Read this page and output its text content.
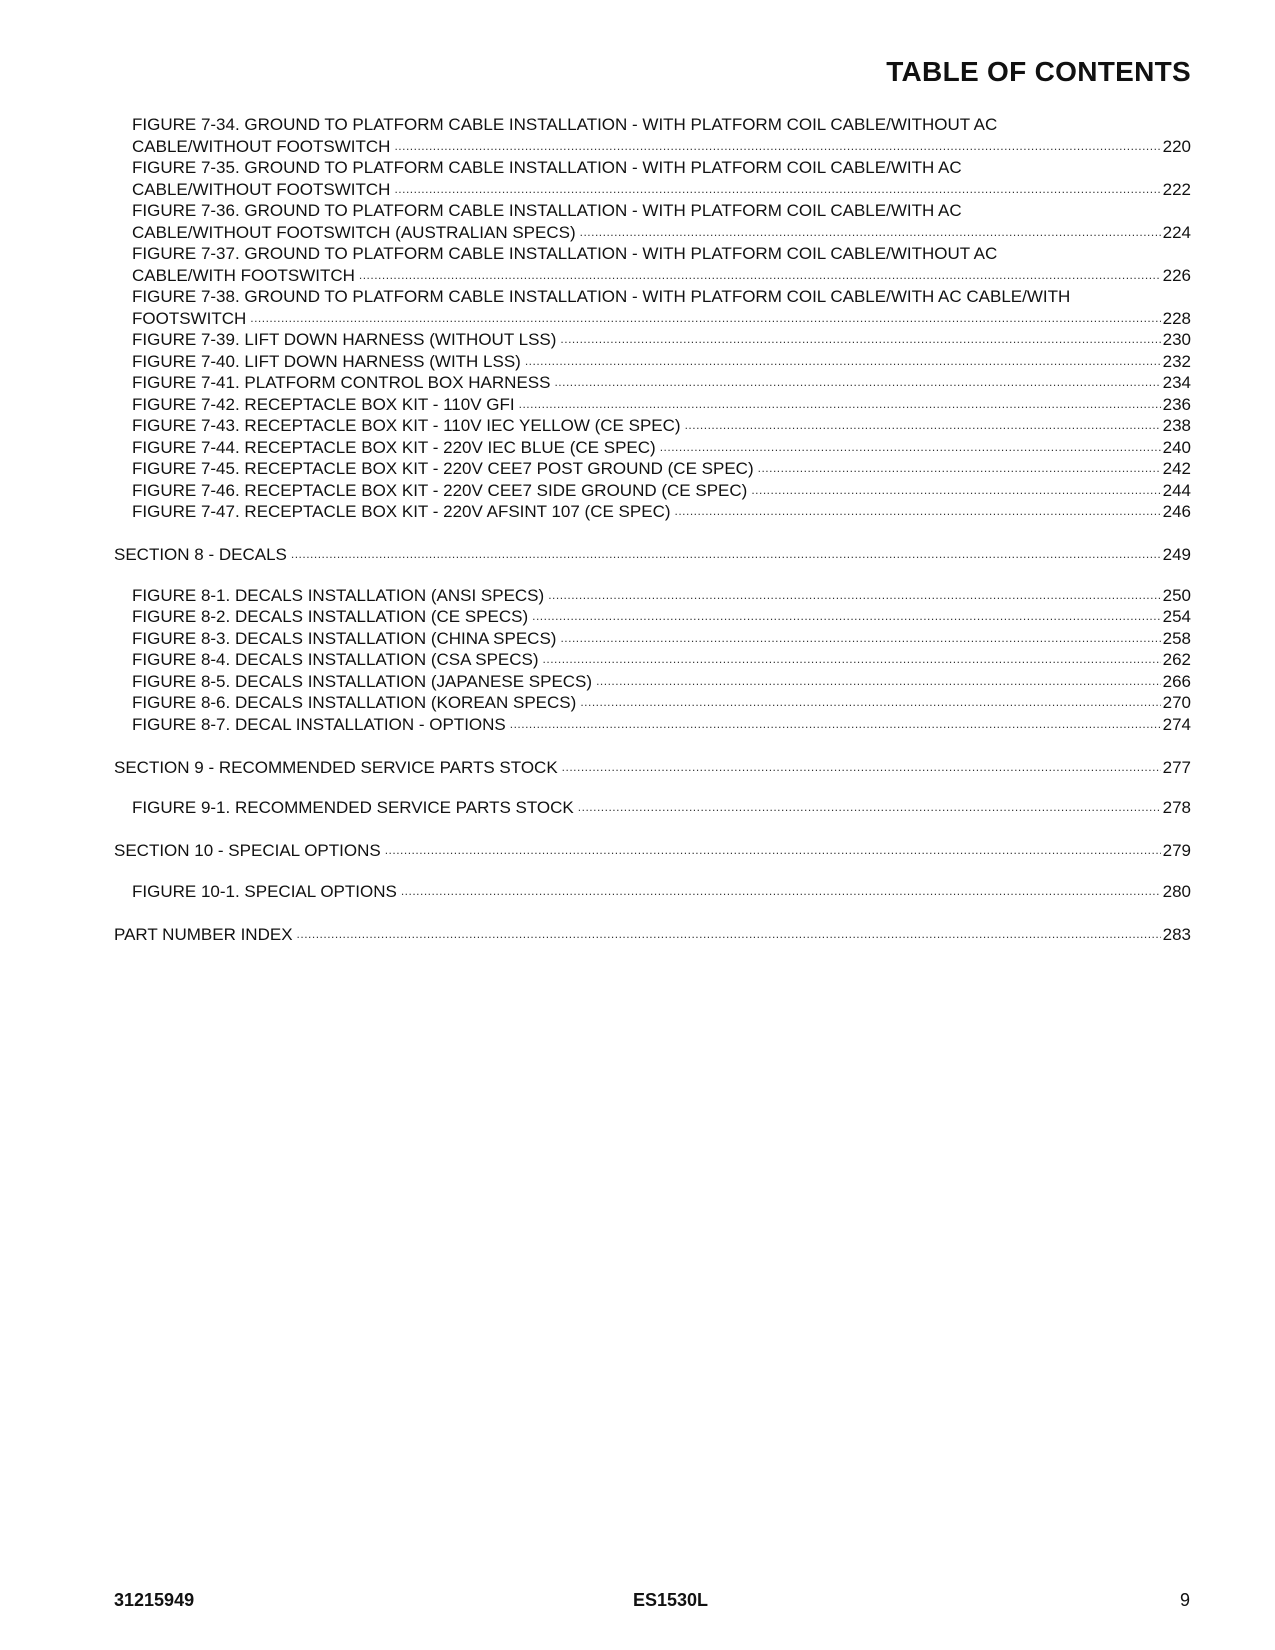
TABLE OF CONTENTS
FIGURE 7-34. GROUND TO PLATFORM CABLE INSTALLATION - WITH PLATFORM COIL CABLE/WITHOUT AC
CABLE/WITHOUT FOOTSWITCH .....	220
FIGURE 7-35. GROUND TO PLATFORM CABLE INSTALLATION - WITH PLATFORM COIL CABLE/WITH AC
CABLE/WITHOUT FOOTSWITCH .....	222
FIGURE 7-36. GROUND TO PLATFORM CABLE INSTALLATION - WITH PLATFORM COIL CABLE/WITH AC
CABLE/WITHOUT FOOTSWITCH (AUSTRALIAN SPECS) .....	224
FIGURE 7-37. GROUND TO PLATFORM CABLE INSTALLATION - WITH PLATFORM COIL CABLE/WITHOUT AC
CABLE/WITH FOOTSWITCH .....	226
FIGURE 7-38. GROUND TO PLATFORM CABLE INSTALLATION - WITH PLATFORM COIL CABLE/WITH AC CABLE/WITH
FOOTSWITCH .....	228
FIGURE 7-39. LIFT DOWN HARNESS (WITHOUT LSS) .....	230
FIGURE 7-40. LIFT DOWN HARNESS (WITH LSS) .....	232
FIGURE 7-41. PLATFORM CONTROL BOX HARNESS .....	234
FIGURE 7-42. RECEPTACLE BOX KIT - 110V GFI .....	236
FIGURE 7-43. RECEPTACLE BOX KIT - 110V IEC YELLOW (CE SPEC) .....	238
FIGURE 7-44. RECEPTACLE BOX KIT - 220V IEC BLUE (CE SPEC) .....	240
FIGURE 7-45. RECEPTACLE BOX KIT - 220V CEE7 POST GROUND (CE SPEC) .....	242
FIGURE 7-46. RECEPTACLE BOX KIT - 220V CEE7 SIDE GROUND (CE SPEC) .....	244
FIGURE 7-47. RECEPTACLE BOX KIT - 220V AFSINT 107 (CE SPEC) .....	246
SECTION 8 - DECALS .....	249
FIGURE 8-1. DECALS INSTALLATION (ANSI SPECS) .....	250
FIGURE 8-2. DECALS INSTALLATION (CE SPECS) .....	254
FIGURE 8-3. DECALS INSTALLATION (CHINA SPECS) .....	258
FIGURE 8-4. DECALS INSTALLATION (CSA SPECS) .....	262
FIGURE 8-5. DECALS INSTALLATION (JAPANESE SPECS) .....	266
FIGURE 8-6. DECALS INSTALLATION (KOREAN SPECS) .....	270
FIGURE 8-7. DECAL INSTALLATION - OPTIONS .....	274
SECTION 9 - RECOMMENDED SERVICE PARTS STOCK .....	277
FIGURE 9-1. RECOMMENDED SERVICE PARTS STOCK .....	278
SECTION 10 - SPECIAL OPTIONS .....	279
FIGURE 10-1. SPECIAL OPTIONS .....	280
PART NUMBER INDEX .....	283
31215949	ES1530L	9
